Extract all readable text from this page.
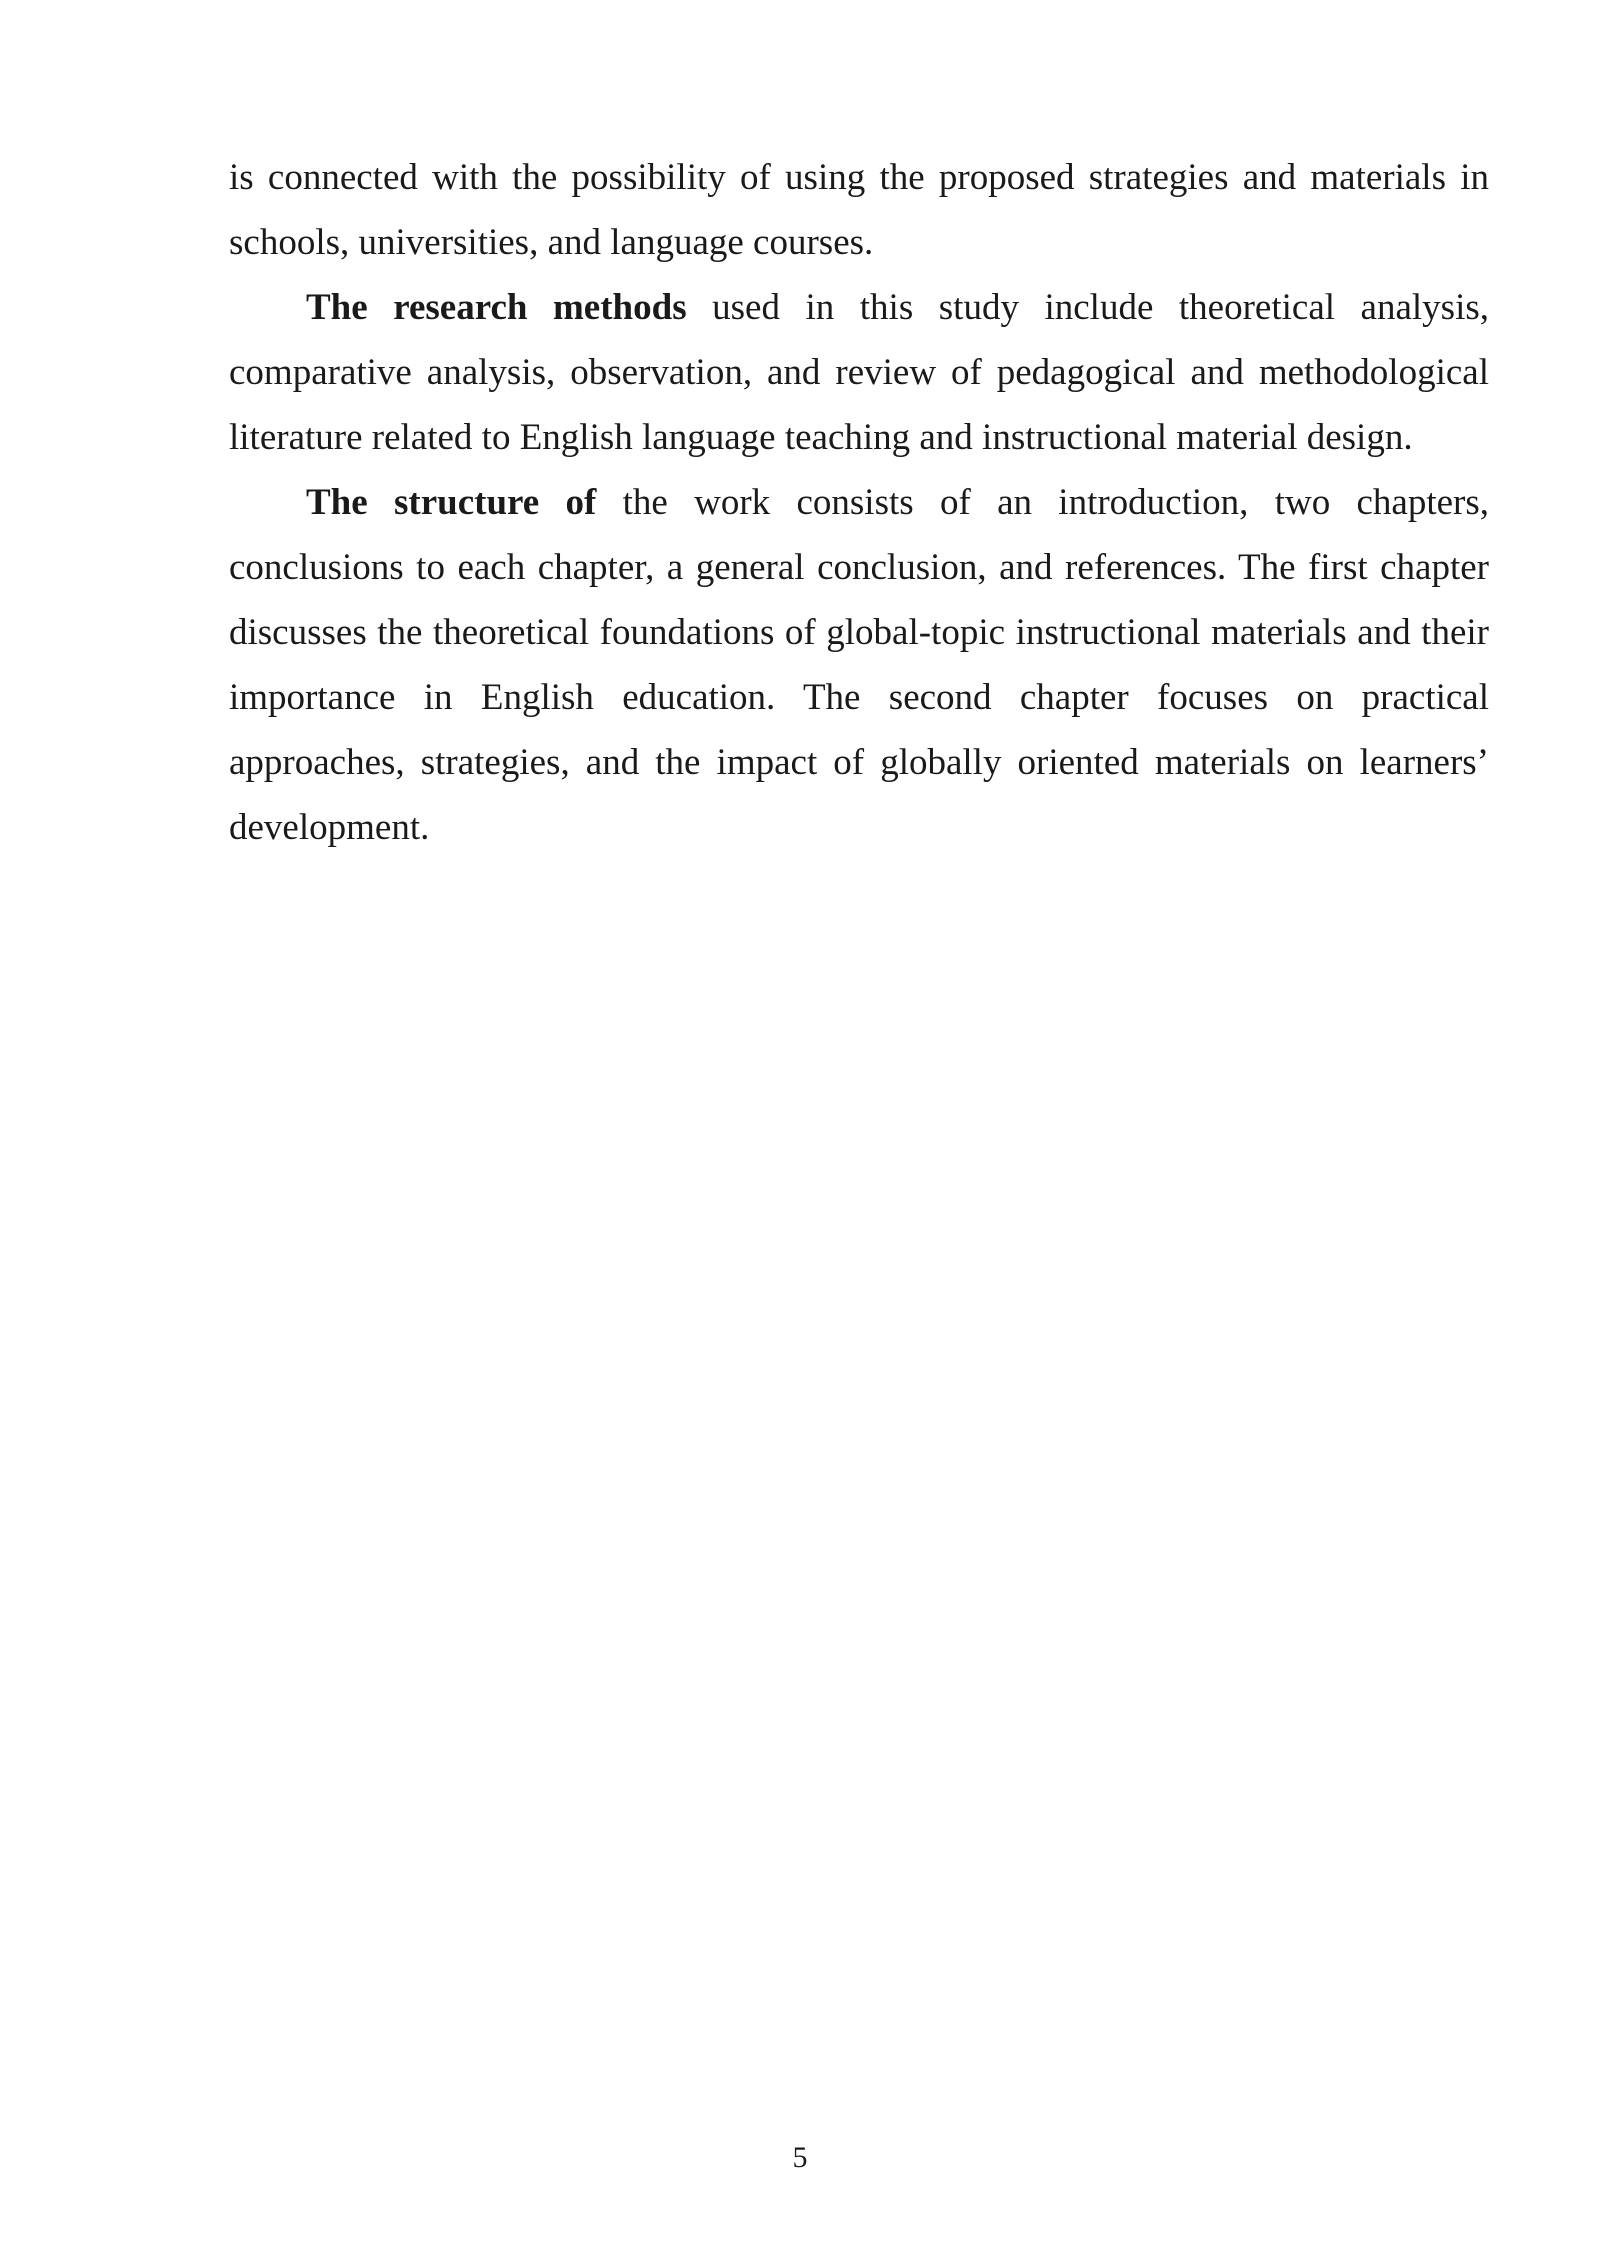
is connected with the possibility of using the proposed strategies and materials in schools, universities, and language courses.

The research methods used in this study include theoretical analysis, comparative analysis, observation, and review of pedagogical and methodological literature related to English language teaching and instructional material design.

The structure of the work consists of an introduction, two chapters, conclusions to each chapter, a general conclusion, and references. The first chapter discusses the theoretical foundations of global-topic instructional materials and their importance in English education. The second chapter focuses on practical approaches, strategies, and the impact of globally oriented materials on learners’ development.

5
